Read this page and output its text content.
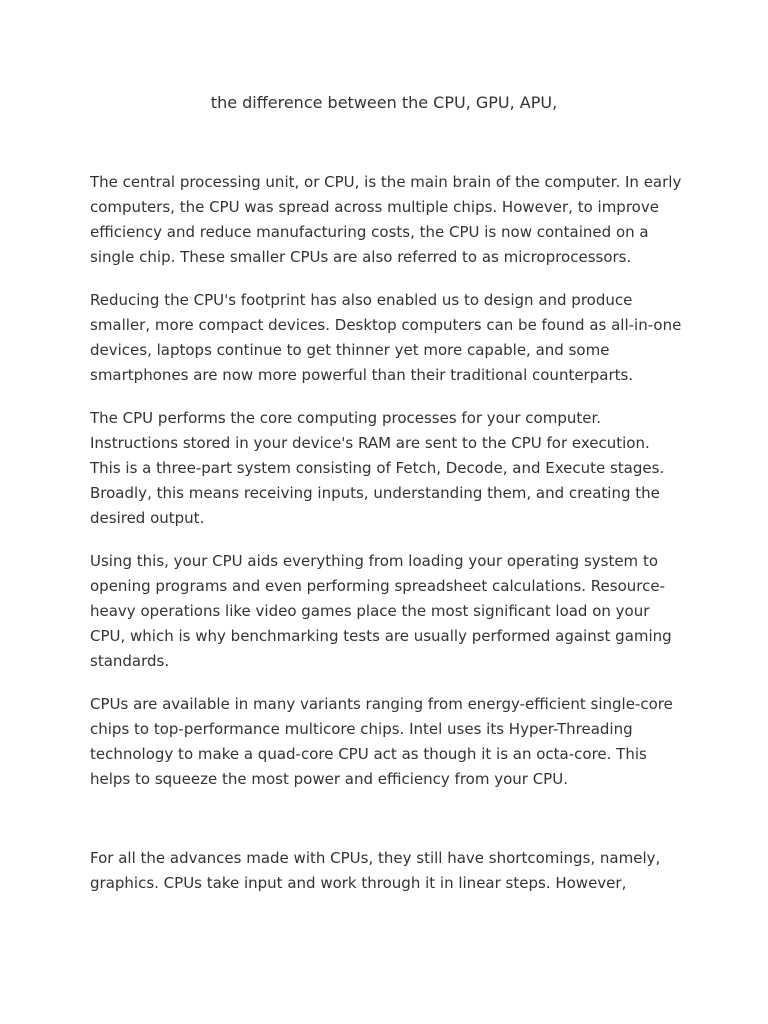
the difference between the CPU, GPU, APU,

The central processing unit, or CPU, is the main brain of the computer. In early computers, the CPU was spread across multiple chips. However, to improve efficiency and reduce manufacturing costs, the CPU is now contained on a single chip. These smaller CPUs are also referred to as microprocessors.

Reducing the CPU's footprint has also enabled us to design and produce smaller, more compact devices. Desktop computers can be found as all-in-one devices, laptops continue to get thinner yet more capable, and some smartphones are now more powerful than their traditional counterparts.

The CPU performs the core computing processes for your computer. Instructions stored in your device's RAM are sent to the CPU for execution. This is a three-part system consisting of Fetch, Decode, and Execute stages. Broadly, this means receiving inputs, understanding them, and creating the desired output.

Using this, your CPU aids everything from loading your operating system to opening programs and even performing spreadsheet calculations. Resource-heavy operations like video games place the most significant load on your CPU, which is why benchmarking tests are usually performed against gaming standards.

CPUs are available in many variants ranging from energy-efficient single-core chips to top-performance multicore chips. Intel uses its Hyper-Threading technology to make a quad-core CPU act as though it is an octa-core. This helps to squeeze the most power and efficiency from your CPU.

For all the advances made with CPUs, they still have shortcomings, namely, graphics. CPUs take input and work through it in linear steps. However,
